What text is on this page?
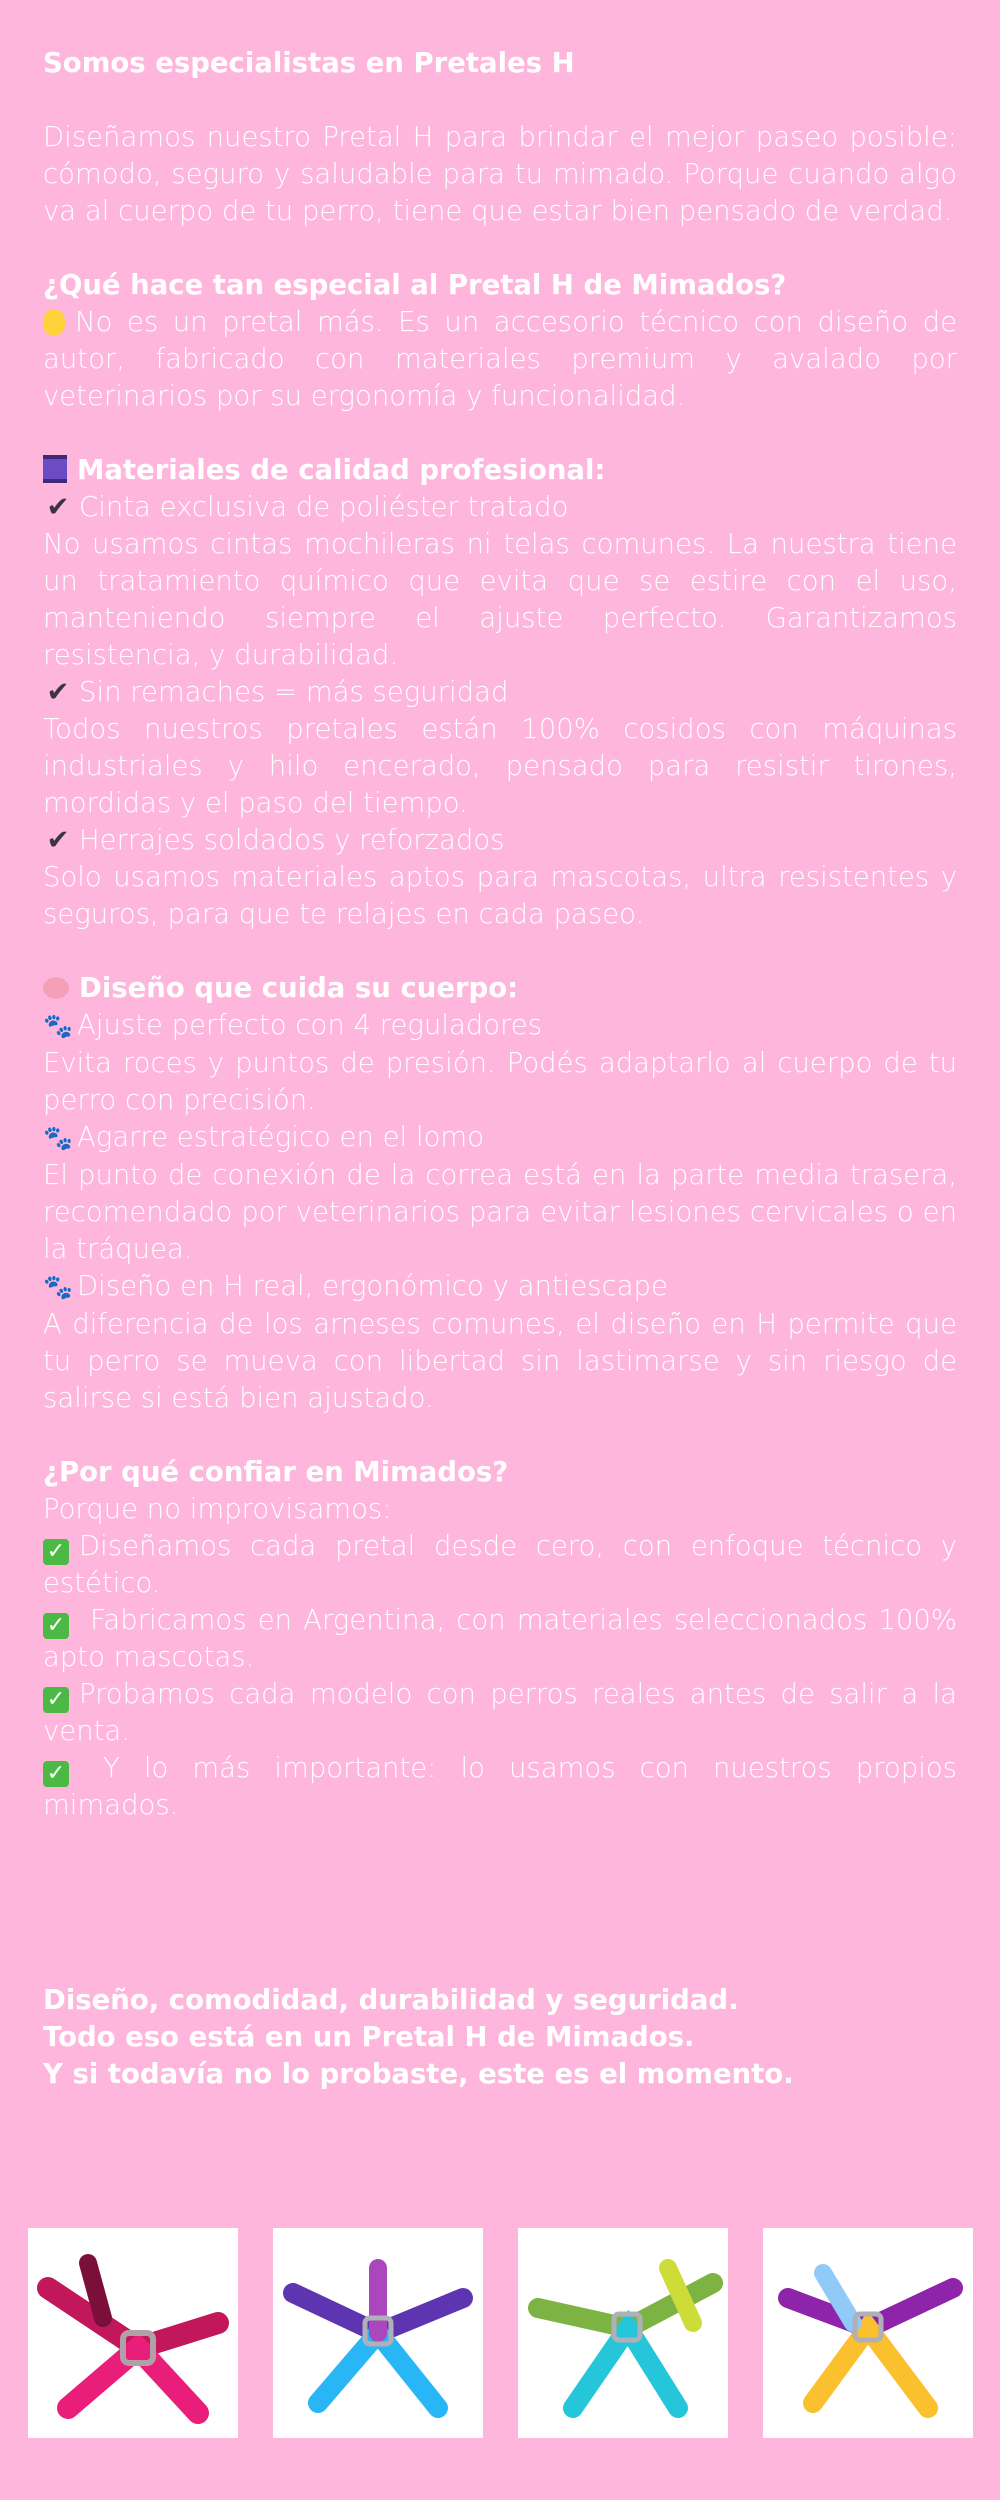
Somos especialistas en Pretales H

Diseñamos nuestro Pretal H para brindar el mejor paseo posible: cómodo, seguro y saludable para tu mimado. Porque cuando algo va al cuerpo de tu perro, tiene que estar bien pensado de verdad.

¿Qué hace tan especial al Pretal H de Mimados?

No es un pretal más. Es un accesorio técnico con diseño de autor, fabricado con materiales premium y avalado por veterinarios por su ergonomía y funcionalidad.

Materiales de calidad profesional:

✔ Cinta exclusiva de poliéster tratado

No usamos cintas mochileras ni telas comunes. La nuestra tiene un tratamiento químico que evita que se estire con el uso, manteniendo siempre el ajuste perfecto. Garantizamos resistencia, y durabilidad.

✔ Sin remaches = más seguridad

Todos nuestros pretales están 100% cosidos con máquinas industriales y hilo encerado, pensado para resistir tirones, mordidas y el paso del tiempo.

✔ Herrajes soldados y reforzados

Solo usamos materiales aptos para mascotas, ultra resistentes y seguros, para que te relajes en cada paseo.

Diseño que cuida su cuerpo:

🐾 Ajuste perfecto con 4 reguladores

Evita roces y puntos de presión. Podés adaptarlo al cuerpo de tu perro con precisión.

🐾 Agarre estratégico en el lomo

El punto de conexión de la correa está en la parte media trasera, recomendado por veterinarios para evitar lesiones cervicales o en la tráquea.

🐾 Diseño en H real, ergonómico y antiescape

A diferencia de los arneses comunes, el diseño en H permite que tu perro se mueva con libertad sin lastimarse y sin riesgo de salirse si está bien ajustado.

¿Por qué confiar en Mimados?

Porque no improvisamos:

✓ Diseñamos cada pretal desde cero, con enfoque técnico y estético.

✓ Fabricamos en Argentina, con materiales seleccionados 100% apto mascotas.

✓ Probamos cada modelo con perros reales antes de salir a la venta.

✓ Y lo más importante: lo usamos con nuestros propios mimados.

Diseño, comodidad, durabilidad y seguridad.
Todo eso está en un Pretal H de Mimados.
Y si todavía no lo probaste, este es el momento.
